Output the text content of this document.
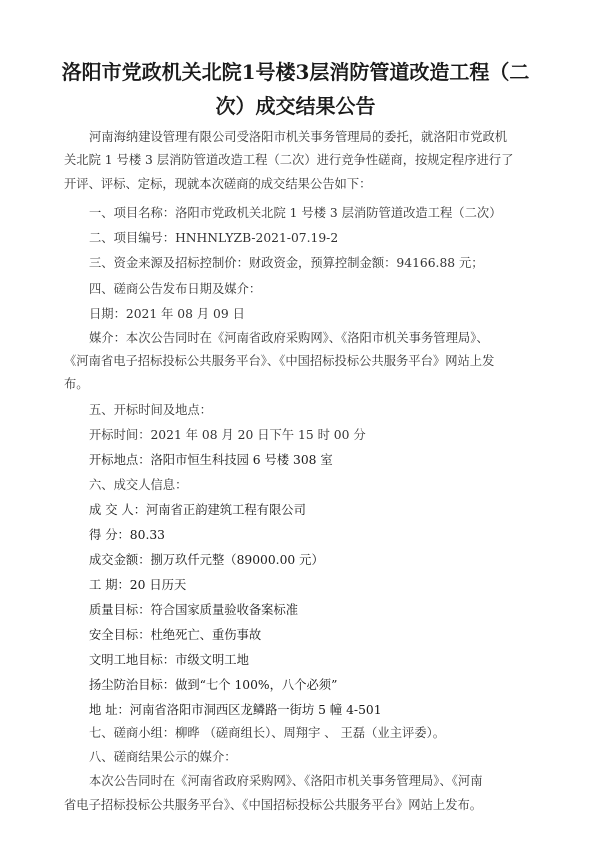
洛阳市党政机关北院1号楼3层消防管道改造工程（二
次）成交结果公告
河南海纳建设管理有限公司受洛阳市机关事务管理局的委托，就洛阳市党政机
关北院 1 号楼 3 层消防管道改造工程（二次）进行竞争性磋商，按规定程序进行了
开评、评标、定标，现就本次磋商的成交结果公告如下：
一、项目名称：洛阳市党政机关北院 1 号楼 3 层消防管道改造工程（二次）
二、项目编号：HNHNLYZB-2021-07.19-2
三、资金来源及招标控制价：财政资金，预算控制金额：94166.88 元；
四、磋商公告发布日期及媒介：
日期：2021 年 08 月 09 日
媒介：本次公告同时在《河南省政府采购网》、《洛阳市机关事务管理局》、
《河南省电子招标投标公共服务平台》、《中国招标投标公共服务平台》网站上发
布。
五、开标时间及地点：
开标时间：2021 年 08 月 20 日下午 15 时 00 分
开标地点：洛阳市恒生科技园 6 号楼 308 室
六、成交人信息：
成 交 人：河南省正韵建筑工程有限公司
得 分：80.33
成交金额：捌万玖仟元整（89000.00 元）
工 期：20 日历天
质量目标：符合国家质量验收备案标准
安全目标：杜绝死亡、重伤事故
文明工地目标：市级文明工地
扬尘防治目标：做到“七个 100%，八个必须”
地 址：河南省洛阳市洞西区龙鳞路一街坊 5 幢 4-501
七、磋商小组：柳晔 （磋商组长）、周翔宇 、 王磊（业主评委）。
八、磋商结果公示的媒介：
本次公告同时在《河南省政府采购网》、《洛阳市机关事务管理局》、《河南
省电子招标投标公共服务平台》、《中国招标投标公共服务平台》网站上发布。
